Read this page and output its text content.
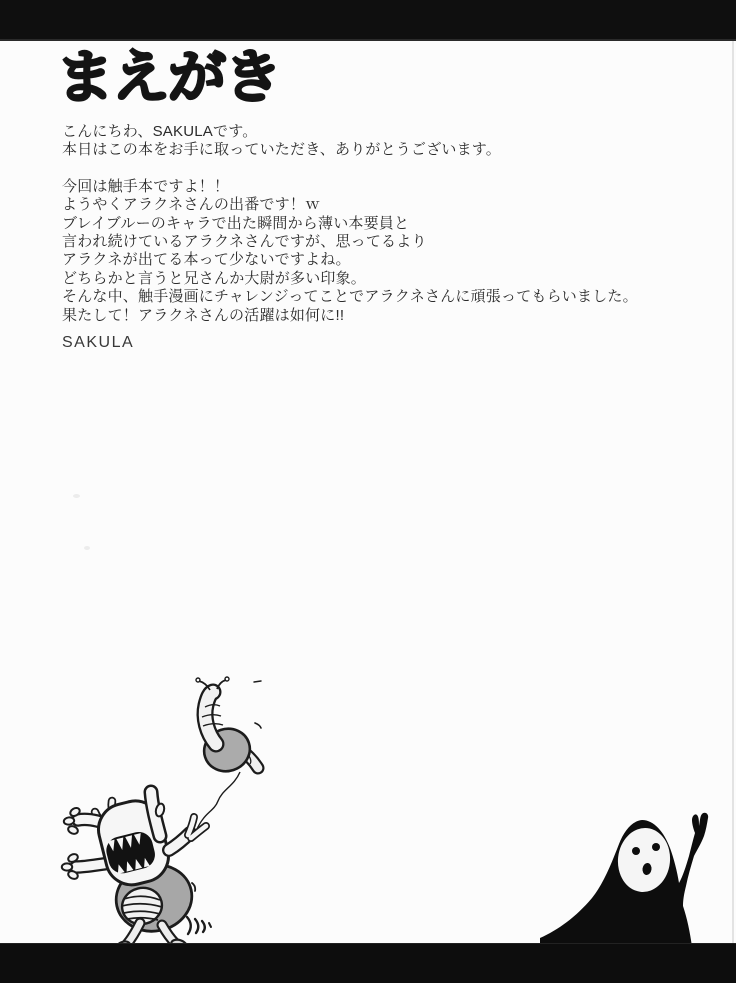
まえがき

こんにちわ、SAKULAです。
本日はこの本をお手に取っていただき、ありがとうございます。

今回は触手本ですよ！！
ようやくアラクネさんの出番です！ｗ
ブレイブルーのキャラで出た瞬間から薄い本要員と
言われ続けているアラクネさんですが、思ってるより
アラクネが出てる本って少ないですよね。
どちらかと言うと兄さんか大尉が多い印象。
そんな中、触手漫画にチャレンジってことでアラクネさんに頑張ってもらいました。
果たして！アラクネさんの活躍は如何に!!

SAKULA
